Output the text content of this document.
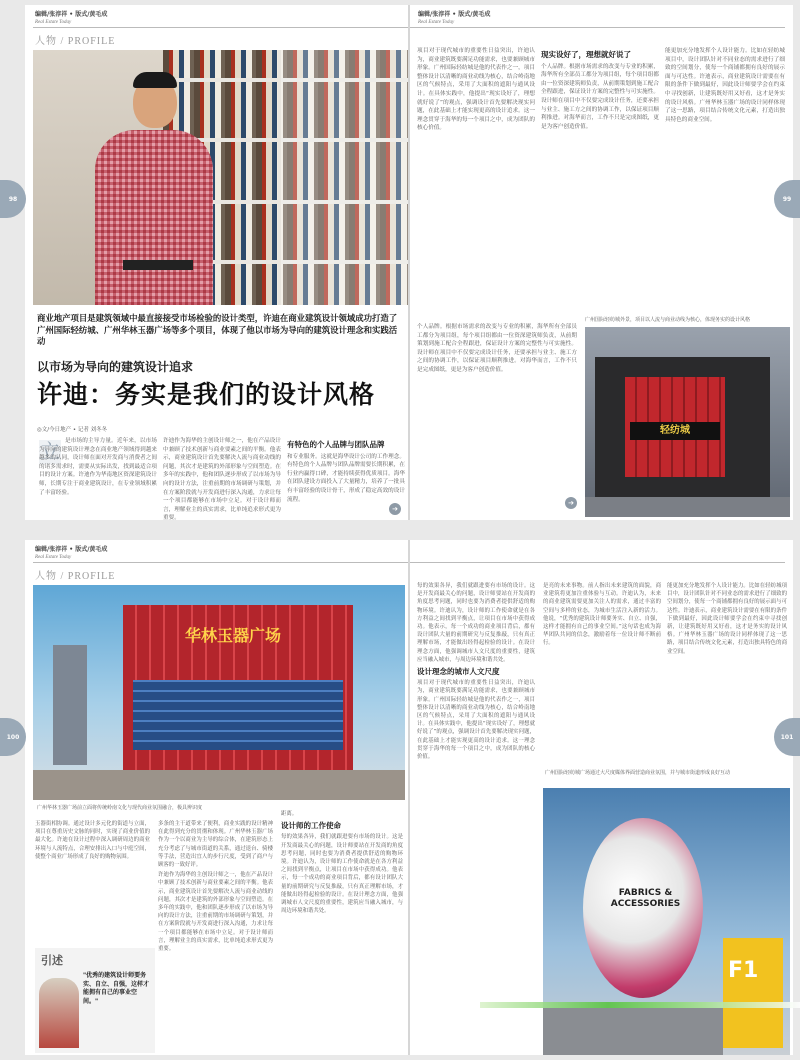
编辑/张淳祥 • 版式/黄毛成
Real Estate Today
编辑/张淳祥 • 版式/黄毛成
Real Estate Today
人物 / PROFILE
商业地产项目是建筑领域中最直接接受市场检验的设计类型，许迪在商业建筑设计领域成功打造了广州国际轻纺城、广州华林玉器广场等多个项目，体现了他以市场为导向的建筑设计理念和实践活动
以市场为导向的建筑设计追求
许迪：务实是我们的设计风格
◎文/今日地产 • 记者 刘冬冬
立 是市场的主导力量。近年来，以市场为导向的建筑设计理念在商业地产领域得到越来越多的认同，设计师在面对开发商与消费者之间的诸多需求时，需要从实际出发，找到最适合项目的设计方案。许迪作为华南地区资深建筑设计师，长期专注于商业建筑设计，在专业领域积累了丰富经验。

许迪作为海华的主创设计师之一，他在产品设计中兼顾了技术创新与商业要素之间的平衡。他表示，商业建筑设计首先要解决人流与商业动线的问题，其次才是建筑的外部形象与空间塑造。在多年的实践中，他和团队逐步形成了以市场为导向的设计方法，注重前期的市场调研与策划，并在方案阶段就与开发商进行深入沟通，力求让每一个项目都能够在市场中立足。对于设计师而言，理解业主的真实需求，比单纯追求形式更为重要。

有特色的个人品牌与团队品牌

和专业服务。这就是海华设计公司的工作理念。有特色的个人品牌与团队品牌需要长期积累，在行业内赢得口碑，才能持续获得优质项目。海华在团队建设方面投入了大量精力，培养了一批具有丰富经验的设计骨干，形成了稳定高效的设计流程。

➔

项目对于现代城市的重要性日益突出，许迪认为，商业建筑既要满足功能需求，也要兼顾城市形象。广州国际轻纺城是他的代表作之一，项目整体设计以清晰的商业动线为核心，结合岭南地区的气候特点，采用了大面积的遮阳与通风设计。在具体实践中，他提出“现实设好了，理想就好说了”的观点，强调设计首先要解决现实问题，在此基础上才能实现更高的设计追求。这一理念贯穿于海华的每一个项目之中，成为团队的核心价值。

现实设好了，理想就好说了

个人品牌。根据市场需求的改变与专业的积累，海华所有全部员工都分为项目组，每个项目组都由一位资深建筑师负责，从前期策划到施工配合全程跟进，保证设计方案的完整性与可实施性。设计师在项目中不仅要完成设计任务，还要承担与业主、施工方之间的协调工作，以保证项目顺利推进。对海华而言，工作不只是完成图纸，更是为客户创造价值。

能更加充分地发挥个人设计能力。比如在轻纺城项目中，设计团队针对不同业态的需求进行了细致的空间划分，使每一个商铺都拥有良好的展示面与可达性。许迪表示，商业建筑设计需要在有限的条件下做到最好，因此设计师要学会在约束中寻找创新，让建筑既好用又好看，这才是务实的设计风格。广州华林玉器广场的设计同样体现了这一思路，项目结合传统文化元素，打造出独具特色的商业空间。

个人品牌。根据市场需求的改变与专业的积累，海华所有全部员工都分为项目组，每个项目组都由一位资深建筑师负责，从前期策划到施工配合全程跟进，保证设计方案的完整性与可实施性。设计师在项目中不仅要完成设计任务，还要承担与业主、施工方之间的协调工作，以保证项目顺利推进。对海华而言，工作不只是完成图纸，更是为客户创造价值。

➔
广州国际轻纺城外景，项目以人流与商业动线为核心，体现务实的设计风格
轻纺城
98	99
编辑/张淳祥 • 版式/黄毛成
Real Estate Today
人物 / PROFILE
华林玉器广场
广州华林玉器广场前立面将传统岭南文化与现代商业氛围融合，极具辨识度

玉器街相协调。通过设计多元化的街道与立面，项目在尊重历史文脉的同时，实现了商业价值的最大化。许迪在设计过程中深入调研周边的商业环境与人流特点，合理安排出入口与中庭空间，使整个商业广场形成了良好的购物氛围。

多条的主干道带来了便利，商业实践的设计精神在此得到充分的贯彻和体现。广州华林玉器广场作为一个以商业为主导的综合体，在建筑形态上充分考虑了与城市街道的关系，通过退台、骑楼等手法，营造出宜人的步行尺度，受到了商户与顾客的一致好评。

许迪作为海华的主创设计师之一，他在产品设计中兼顾了技术创新与商业要素之间的平衡。他表示，商业建筑设计首先要解决人流与商业动线的问题，其次才是建筑的外部形象与空间塑造。在多年的实践中，他和团队逐步形成了以市场为导向的设计方法，注重前期的市场调研与策划，并在方案阶段就与开发商进行深入沟通，力求让每一个项目都能够在市场中立足。对于设计师而言，理解业主的真实需求，比单纯追求形式更为重要。

距离。

设计师的工作使命

每的效果各异，我们就跟进要有市场的设计。这是开发商最关心的问题，设计师要站在开发商的角度思考问题，同时也要为消费者提供舒适的购物环境。许迪认为，设计师的工作使命就是在各方利益之间找到平衡点，让项目在市场中获得成功。他表示，每一个成功的商业项目背后，都有设计团队大量的前期研究与反复推敲，只有真正理解市场，才能做出经得起检验的设计。在设计理念方面，他强调城市人文尺度的重要性，建筑应当融入城市，与周边环境和谐共处。

引述
"优秀的建筑设计师要务实、自立、自强，这样才能拥有自己的事业空间。"

每的效果各异，我们就跟进要有市场的设计。这是开发商最关心的问题，设计师要站在开发商的角度思考问题，同时也要为消费者提供舒适的购物环境。许迪认为，设计师的工作使命就是在各方利益之间找到平衡点，让项目在市场中获得成功。他表示，每一个成功的商业项目背后，都有设计团队大量的前期研究与反复推敲，只有真正理解市场，才能做出经得起检验的设计。在设计理念方面，他强调城市人文尺度的重要性，建筑应当融入城市，与周边环境和谐共处。

设计理念的城市人文尺度

项目对于现代城市的重要性日益突出，许迪认为，商业建筑既要满足功能需求，也要兼顾城市形象。广州国际轻纺城是他的代表作之一，项目整体设计以清晰的商业动线为核心，结合岭南地区的气候特点，采用了大面积的遮阳与通风设计。在具体实践中，他提出“现实设好了，理想就好说了”的观点，强调设计首先要解决现实问题，在此基础上才能实现更高的设计追求。这一理念贯穿于海华的每一个项目之中，成为团队的核心价值。

是亮的未来事物。前人指出未来建筑的面貌，商业建筑将更加注重体验与互动。许迪认为，未来的商业建筑需要更加关注人的需求，通过丰富的空间与多样的业态，为城市生活注入新的活力。他说，“优秀的建筑设计师要务实、自立、自强，这样才能拥有自己的事业空间。”这句话也成为海华团队共同的信念，激励着每一位设计师不断前行。

能更加充分地发挥个人设计能力。比如在轻纺城项目中，设计团队针对不同业态的需求进行了细致的空间划分，使每一个商铺都拥有良好的展示面与可达性。许迪表示，商业建筑设计需要在有限的条件下做到最好，因此设计师要学会在约束中寻找创新，让建筑既好用又好看，这才是务实的设计风格。广州华林玉器广场的设计同样体现了这一思路，项目结合传统文化元素，打造出独具特色的商业空间。

广州国际轻纺城广场通过大尺度媒体界面营造商业氛围，并与城市街道形成良好互动
FABRICS & ACCESSORIES
F1
100	101
